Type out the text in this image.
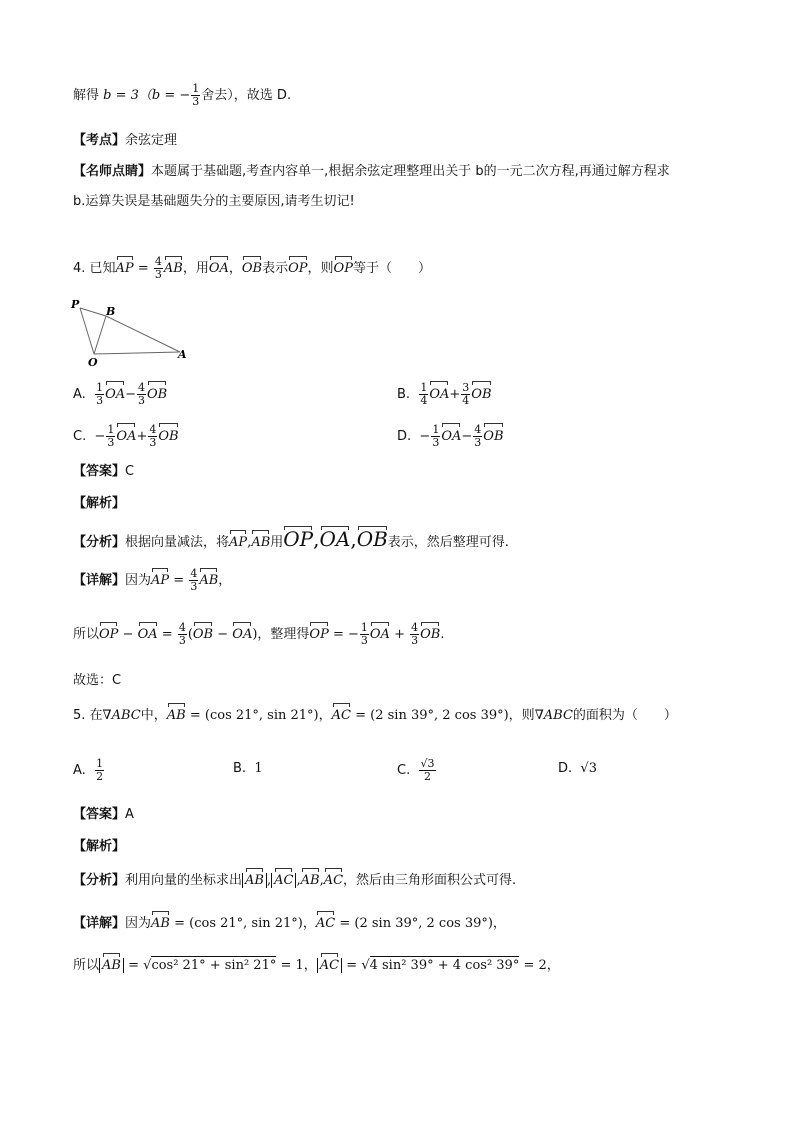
解得 b = 3（b = − $\frac{1}{3}$ 舍去），故选 D.
【考点】余弦定理
【名师点睛】本题属于基础题,考查内容单一,根据余弦定理整理出关于 b的一元二次方程,再通过解方程求
b.运算失误是基础题失分的主要原因,请考生切记!
4. 已知AP = $\frac{4}{3}$ AB，用OA，OB表示OP，则OP等于（　　）
P
B
O
A
A. $\frac{1}{3} OA- \frac{4}{3}$ OB	B. $\frac{1}{4} OA+ \frac{3}{4}$ OB
C. − $\frac{1}{3} OA+ \frac{4}{3}$ OB	D. − $\frac{1}{3} OA- \frac{4}{3}$ OB
【答案】C
【解析】
【分析】根据向量减法，将AP,AB用OP,OA,OB表示，然后整理可得.
【详解】因为AP = $\frac{4}{3}$ AB，
所以OP − OA = $\frac{4}{3} (OB - OA)$，整理得OP = − $\frac{1}{3}$ OA + $\frac{4}{3}$ OB.
故选：C
5. 在∇ABC中，AB = (cos 21°, sin 21°)，AC = (2 sin 39°, 2 cos 39°)，则∇ABC的面积为（　　）
A. $\frac{1}{2}$	B. 1	C. $\frac{√3}{2}$	D. √3
【答案】A
【解析】
【分析】利用向量的坐标求出 AB , AC ,AB,AC，然后由三角形面积公式可得.
【详解】因为AB = (cos 21°, sin 21°)，AC = (2 sin 39°, 2 cos 39°)，
所以 AB = √cos² 21° + sin² 21° = 1， AC = √4 sin² 39° + 4 cos² 39° = 2，
